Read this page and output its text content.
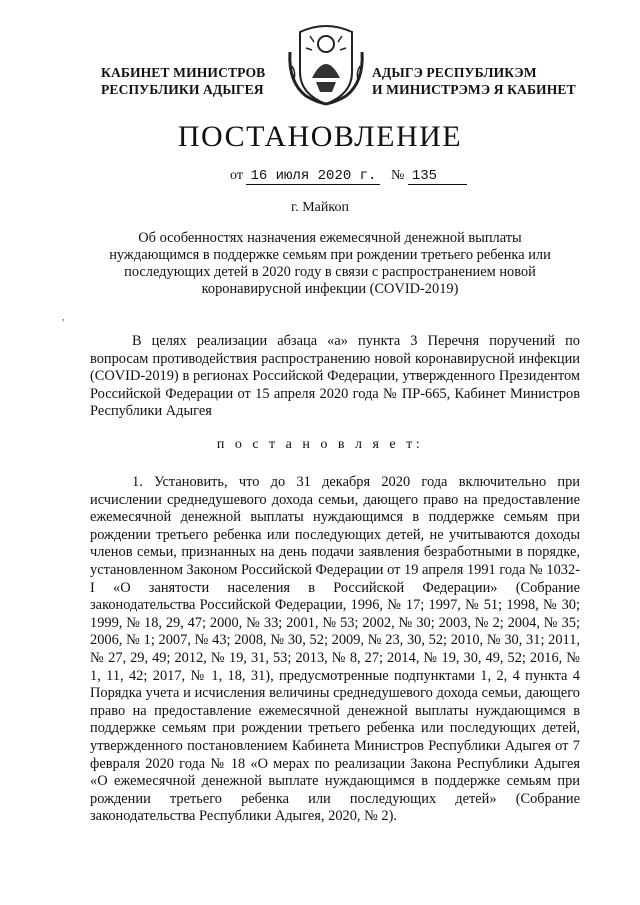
КАБИНЕТ МИНИСТРОВ
РЕСПУБЛИКИ АДЫГЕЯ
АДЫГЭ РЕСПУБЛИКЭМ
И МИНИСТРЭМЭ Я КАБИНЕТ
ПОСТАНОВЛЕНИЕ
от 16 июля 2020 г. № 135
г. Майкоп
Об особенностях назначения ежемесячной денежной выплаты нуждающимся в поддержке семьям при рождении третьего ребенка или последующих детей в 2020 году в связи с распространением новой коронавирусной инфекции (COVID-2019)
,
В целях реализации абзаца «а» пункта 3 Перечня поручений по вопросам противодействия распространению новой коронавирусной инфекции (COVID-2019) в регионах Российской Федерации, утвержденного Президентом Российской Федерации от 15 апреля 2020 года № ПР-665, Кабинет Министров Республики Адыгея
п о с т а н о в л я е т:
1. Установить, что до 31 декабря 2020 года включительно при исчислении среднедушевого дохода семьи, дающего право на предоставление ежемесячной денежной выплаты нуждающимся в поддержке семьям при рождении третьего ребенка или последующих детей, не учитываются доходы членов семьи, признанных на день подачи заявления безработными в порядке, установленном Законом Российской Федерации от 19 апреля 1991 года № 1032-I «О занятости населения в Российской Федерации» (Собрание законодательства Российской Федерации, 1996, № 17; 1997, № 51; 1998, № 30; 1999, № 18, 29, 47; 2000, № 33; 2001, № 53; 2002, № 30; 2003, № 2; 2004, № 35; 2006, № 1; 2007, № 43; 2008, № 30, 52; 2009, № 23, 30, 52; 2010, № 30, 31; 2011, № 27, 29, 49; 2012, № 19, 31, 53; 2013, № 8, 27; 2014, № 19, 30, 49, 52; 2016, № 1, 11, 42; 2017, № 1, 18, 31), предусмотренные подпунктами 1, 2, 4 пункта 4 Порядка учета и исчисления величины среднедушевого дохода семьи, дающего право на предоставление ежемесячной денежной выплаты нуждающимся в поддержке семьям при рождении третьего ребенка или последующих детей, утвержденного постановлением Кабинета Министров Республики Адыгея от 7 февраля 2020 года № 18 «О мерах по реализации Закона Республики Адыгея «О ежемесячной денежной выплате нуждающимся в поддержке семьям при рождении третьего ребенка или последующих детей» (Собрание законодательства Республики Адыгея, 2020, № 2).
